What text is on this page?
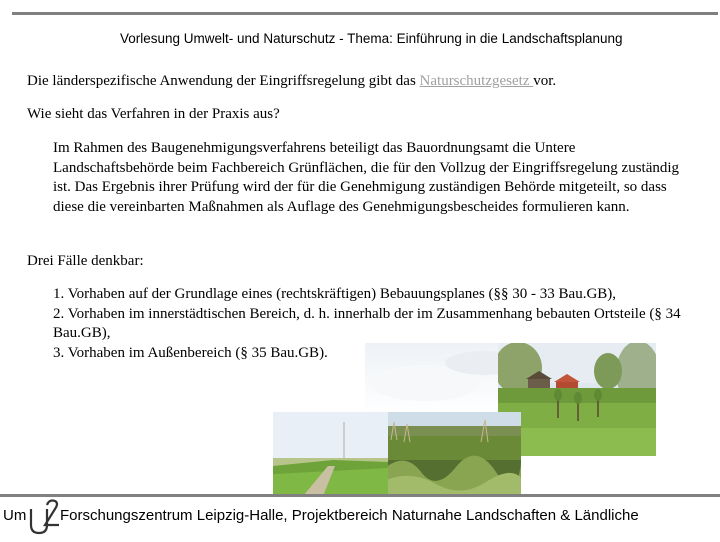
Vorlesung Umwelt- und Naturschutz - Thema: Einführung in die Landschaftsplanung
Die länderspezifische Anwendung der Eingriffsregelung gibt das Naturschutzgesetz vor.
Wie sieht das Verfahren in der Praxis aus?
Im Rahmen des Baugenehmigungsverfahrens beteiligt das Bauordnungsamt die Untere Landschaftsbehörde beim Fachbereich Grünflächen, die für den Vollzug der Eingriffsregelung zuständig ist. Das Ergebnis ihrer Prüfung wird der für die Genehmigung zuständigen Behörde mitgeteilt, so dass diese die vereinbarten Maßnahmen als Auflage des Genehmigungsbescheides formulieren kann.
Drei Fälle denkbar:
1. Vorhaben auf der Grundlage eines (rechtskräftigen) Bebauungsplanes (§§ 30 - 33 Bau.GB),
2. Vorhaben im innerstädtischen Bereich, d. h. innerhalb der im Zusammenhang bebauten Ortsteile (§ 34 Bau.GB),
3. Vorhaben im Außenbereich (§ 35 Bau.GB).
Um Forschungszentrum Leipzig-Halle, Projektbereich Naturnahe Landschaften & Ländliche
